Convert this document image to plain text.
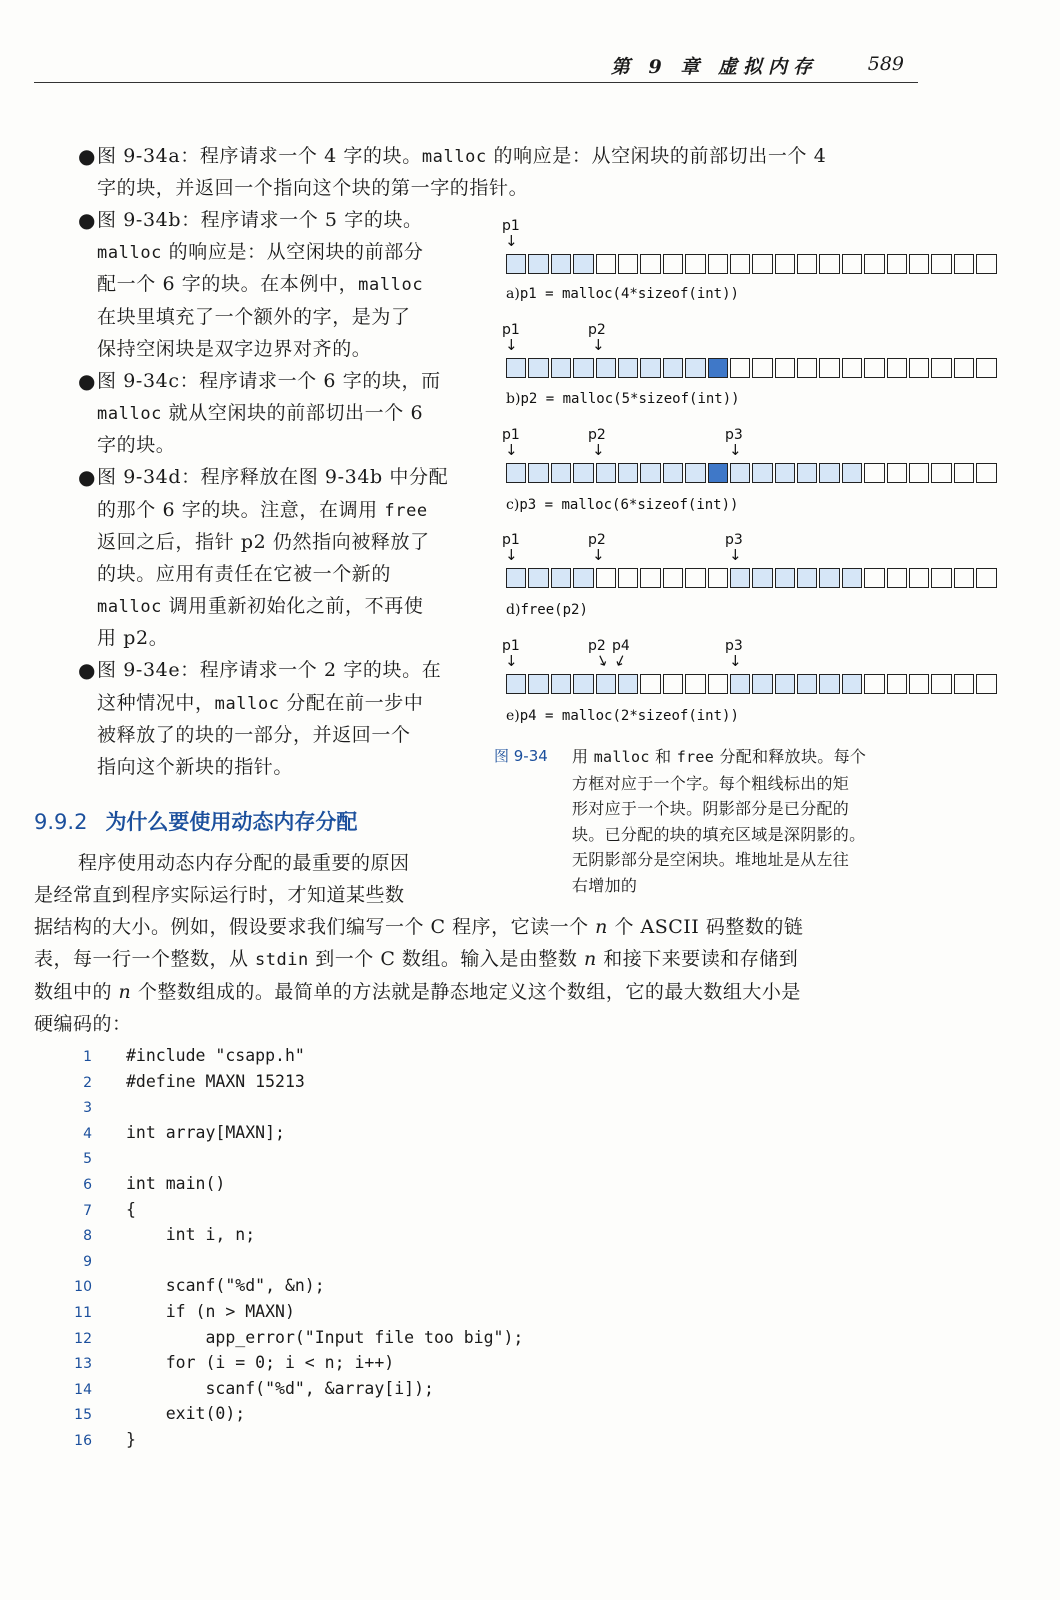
第 9 章 虚拟内存	589
● 图 9-34a：程序请求一个 4 字的块。malloc 的响应是：从空闲块的前部切出一个 4
字的块，并返回一个指向这个块的第一字的指针。
● 图 9-34b：程序请求一个 5 字的块。
malloc 的响应是：从空闲块的前部分
配一个 6 字的块。在本例中，malloc
在块里填充了一个额外的字，是为了
保持空闲块是双字边界对齐的。
● 图 9-34c：程序请求一个 6 字的块，而
malloc 就从空闲块的前部切出一个 6
字的块。
● 图 9-34d：程序释放在图 9-34b 中分配
的那个 6 字的块。注意，在调用 free
返回之后，指针 p2 仍然指向被释放了
的块。应用有责任在它被一个新的
malloc 调用重新初始化之前，不再使
用 p2。
● 图 9-34e：程序请求一个 2 字的块。在
这种情况中，malloc 分配在前一步中
被释放了的块的一部分，并返回一个
指向这个新块的指针。
p1
↓
a)p1 = malloc(4*sizeof(int))
p1	p2
↓	↓
b)p2 = malloc(5*sizeof(int))
p1	p2	p3
↓	↓	↓
c)p3 = malloc(6*sizeof(int))
p1	p2	p3
↓	↓	↓
d)free(p2)
p1	p2 p4	p3
↓	↓
↓	↓
e)p4 = malloc(2*sizeof(int))
图 9-34 用 malloc 和 free 分配和释放块。每个
方框对应于一个字。每个粗线标出的矩
形对应于一个块。阴影部分是已分配的
块。已分配的块的填充区域是深阴影的。
无阴影部分是空闲块。堆地址是从左往
右增加的
9.9.2 为什么要使用动态内存分配
程序使用动态内存分配的最重要的原因
是经常直到程序实际运行时，才知道某些数
据结构的大小。例如，假设要求我们编写一个 C 程序，它读一个 n 个 ASCII 码整数的链
表，每一行一个整数，从 stdin 到一个 C 数组。输入是由整数 n 和接下来要读和存储到
数组中的 n 个整数组成的。最简单的方法就是静态地定义这个数组，它的最大数组大小是
硬编码的：
1 #include "csapp.h"
2 #define MAXN 15213
3
4 int array[MAXN];
5
6 int main()
7 {
8 int i, n;
9
10 scanf("%d", &n);
11 if (n > MAXN)
12 app_error("Input file too big");
13 for (i = 0; i < n; i++)
14 scanf("%d", &array[i]);
15 exit(0);
16 }
